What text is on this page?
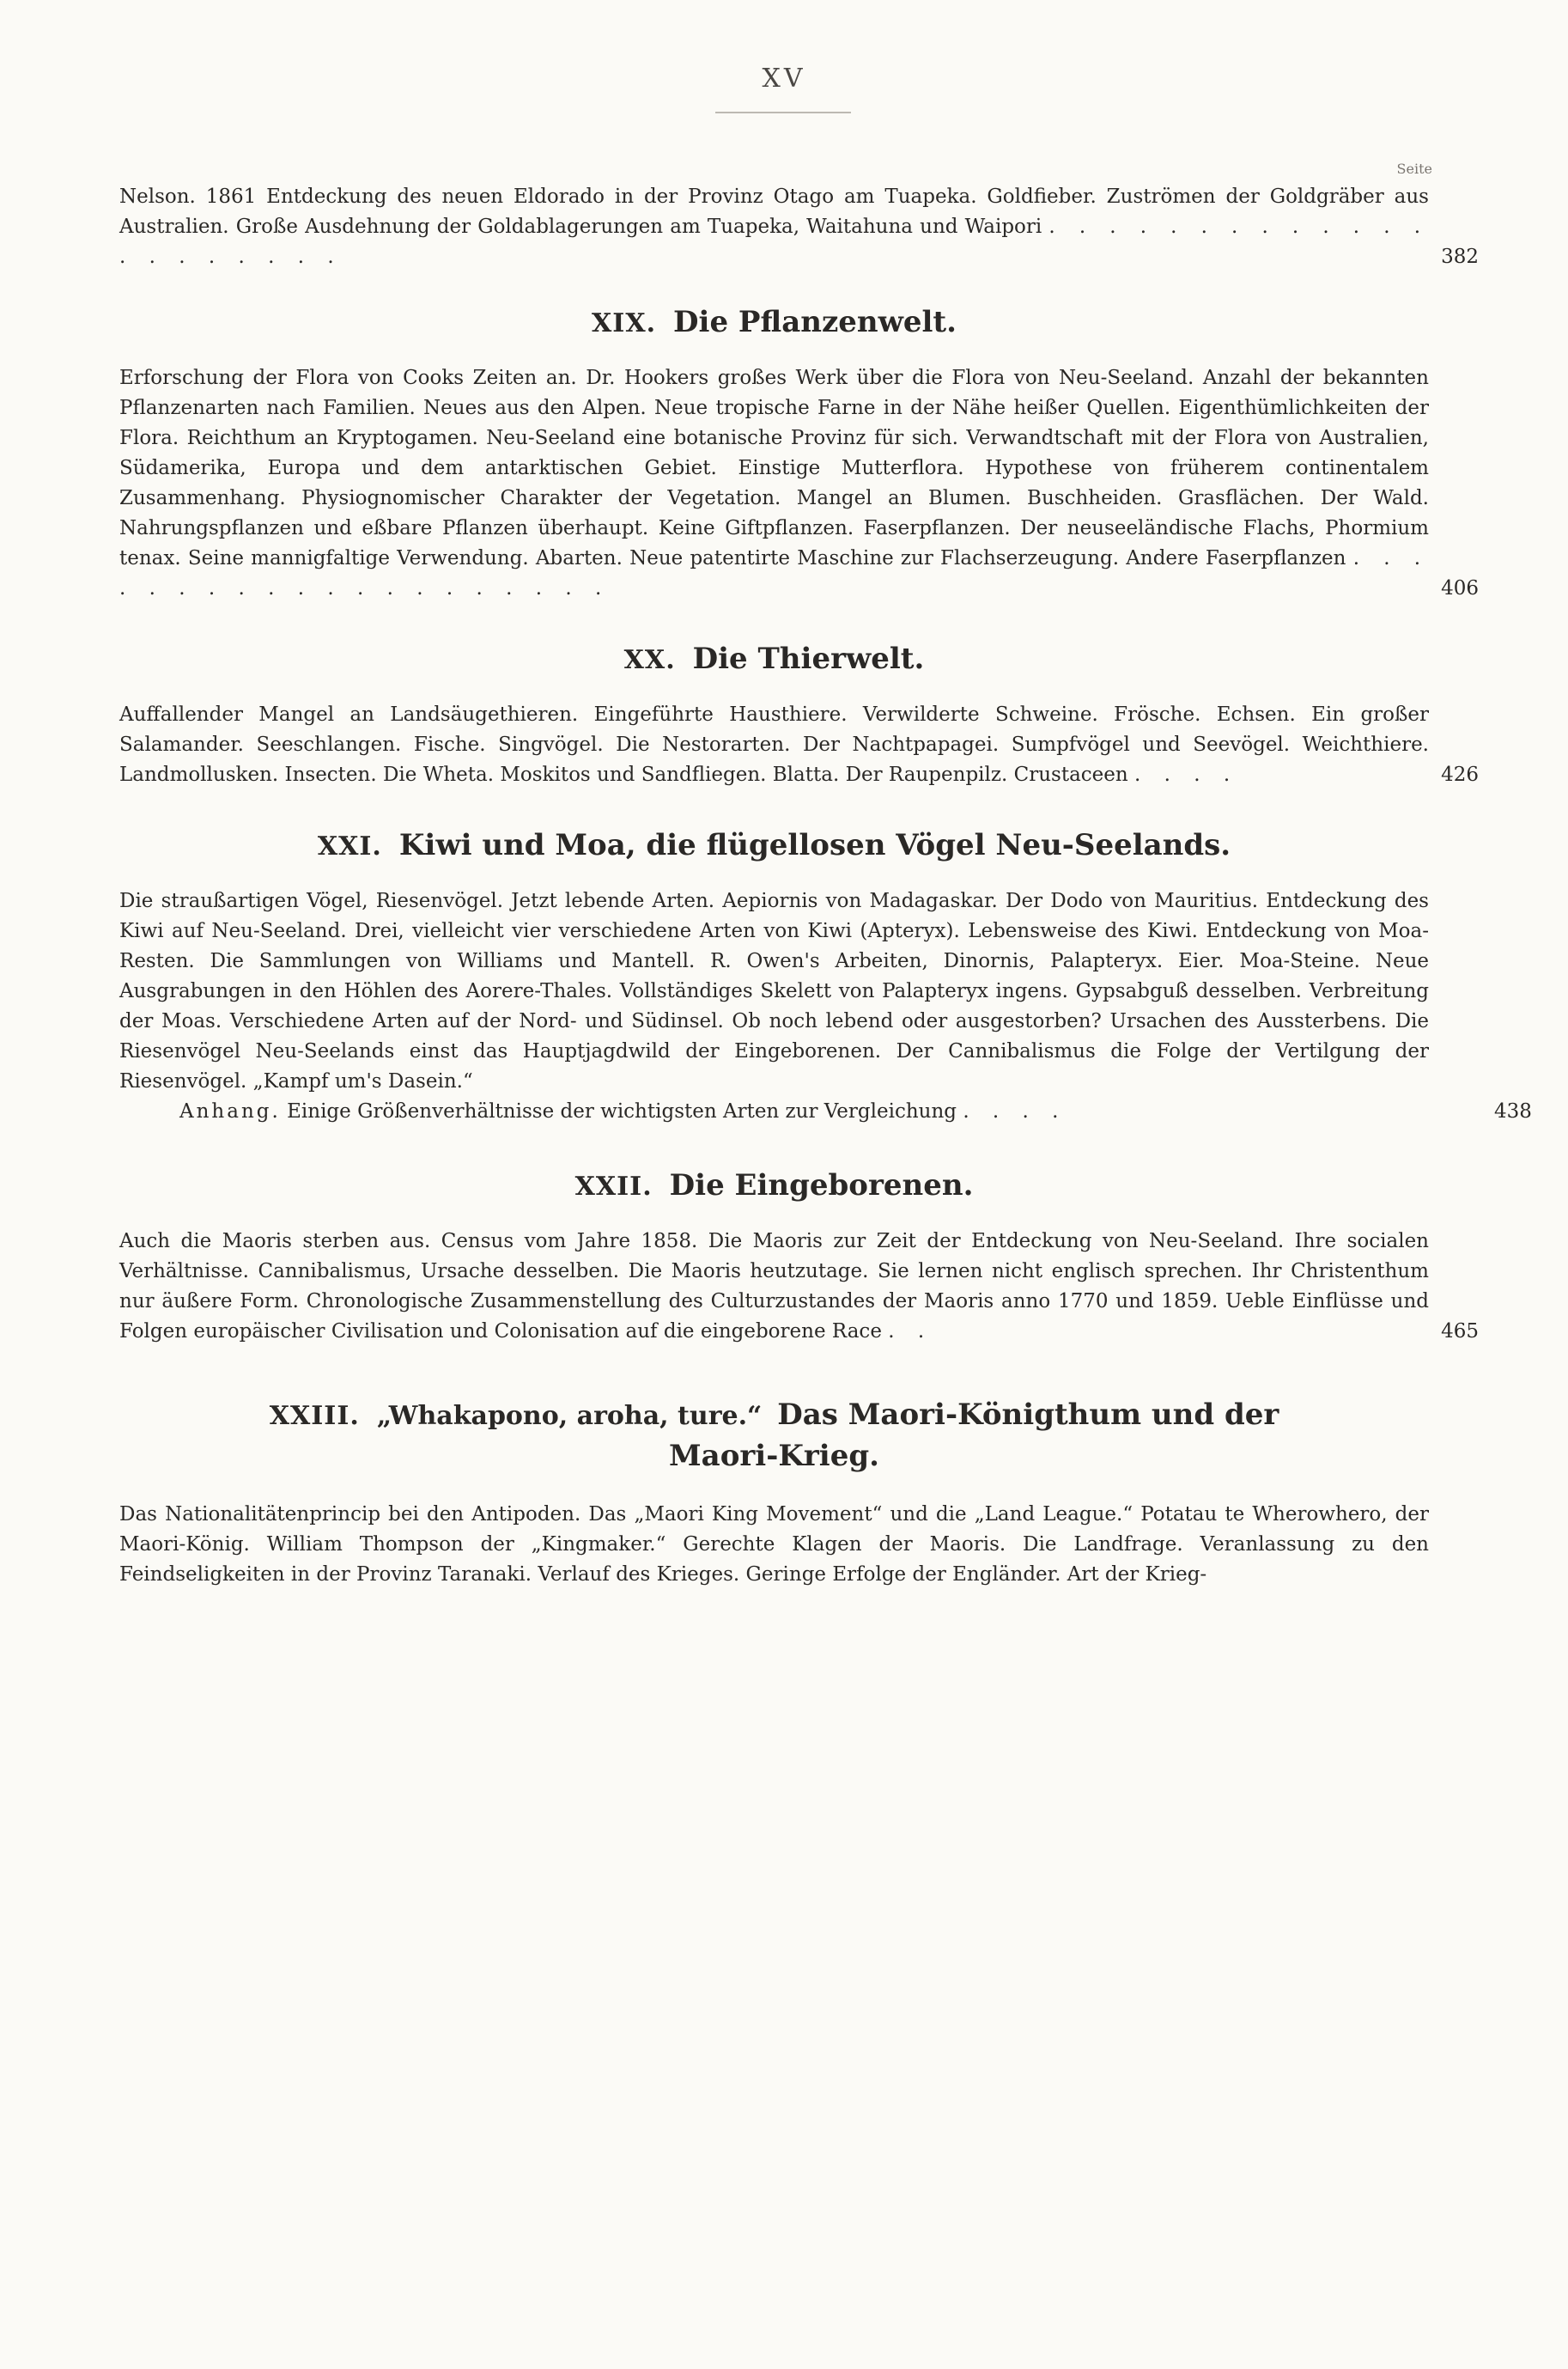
XV
Seite

Nelson. 1861 Entdeckung des neuen Eldorado in der Provinz Otago am Tuapeka. Goldfieber. Zuströmen der Goldgräber aus Australien. Große Ausdehnung der Goldablagerungen am Tuapeka, Waitahuna und Waipori . . . . . . . . . . . . . . . . . . . . .	382

XIX. Die Pflanzenwelt.

Erforschung der Flora von Cooks Zeiten an. Dr. Hookers großes Werk über die Flora von Neu-Seeland. Anzahl der bekannten Pflanzenarten nach Familien. Neues aus den Alpen. Neue tropische Farne in der Nähe heißer Quellen. Eigenthümlichkeiten der Flora. Reichthum an Kryptogamen. Neu-Seeland eine botanische Provinz für sich. Verwandtschaft mit der Flora von Australien, Südamerika, Europa und dem antarktischen Gebiet. Einstige Mutterflora. Hypothese von früherem continentalem Zusammenhang. Physiognomischer Charakter der Vegetation. Mangel an Blumen. Buschheiden. Grasflächen. Der Wald. Nahrungspflanzen und eßbare Pflanzen überhaupt. Keine Giftpflanzen. Faserpflanzen. Der neuseeländische Flachs, Phormium tenax. Seine mannigfaltige Verwendung. Abarten. Neue patentirte Maschine zur Flachserzeugung. Andere Faserpflanzen . . . . . . . . . . . . . . . . . . . .	406

XX. Die Thierwelt.

Auffallender Mangel an Landsäugethieren. Eingeführte Hausthiere. Verwilderte Schweine. Frösche. Echsen. Ein großer Salamander. Seeschlangen. Fische. Singvögel. Die Nestorarten. Der Nachtpapagei. Sumpfvögel und Seevögel. Weichthiere. Landmollusken. Insecten. Die Wheta. Moskitos und Sandfliegen. Blatta. Der Raupenpilz. Crustaceen . . . .	426

XXI. Kiwi und Moa, die flügellosen Vögel Neu-Seelands.

Die straußartigen Vögel, Riesenvögel. Jetzt lebende Arten. Aepiornis von Madagaskar. Der Dodo von Mauritius. Entdeckung des Kiwi auf Neu-Seeland. Drei, vielleicht vier verschiedene Arten von Kiwi (Apteryx). Lebensweise des Kiwi. Entdeckung von Moa-Resten. Die Sammlungen von Williams und Mantell. R. Owen's Arbeiten, Dinornis, Palapteryx. Eier. Moa-Steine. Neue Ausgrabungen in den Höhlen des Aorere-Thales. Vollständiges Skelett von Palapteryx ingens. Gypsabguß desselben. Verbreitung der Moas. Verschiedene Arten auf der Nord- und Südinsel. Ob noch lebend oder ausgestorben? Ursachen des Aussterbens. Die Riesenvögel Neu-Seelands einst das Hauptjagdwild der Eingeborenen. Der Cannibalismus die Folge der Vertilgung der Riesenvögel. „Kampf um's Dasein.“

Anhang. Einige Größenverhältnisse der wichtigsten Arten zur Vergleichung . . . .	438

XXII. Die Eingeborenen.

Auch die Maoris sterben aus. Census vom Jahre 1858. Die Maoris zur Zeit der Entdeckung von Neu-Seeland. Ihre socialen Verhältnisse. Cannibalismus, Ursache desselben. Die Maoris heutzutage. Sie lernen nicht englisch sprechen. Ihr Christenthum nur äußere Form. Chronologische Zusammenstellung des Culturzustandes der Maoris anno 1770 und 1859. Ueble Einflüsse und Folgen europäischer Civilisation und Colonisation auf die eingeborene Race . .	465

XXIII. „Whakapono, aroha, ture.“ Das Maori-Königthum und der
Maori-Krieg.

Das Nationalitätenprincip bei den Antipoden. Das „Maori King Movement“ und die „Land League.“ Potatau te Wherowhero, der Maori-König. William Thompson der „Kingmaker.“ Gerechte Klagen der Maoris. Die Landfrage. Veranlassung zu den Feindseligkeiten in der Provinz Taranaki. Verlauf des Krieges. Geringe Erfolge der Engländer. Art der Krieg-
